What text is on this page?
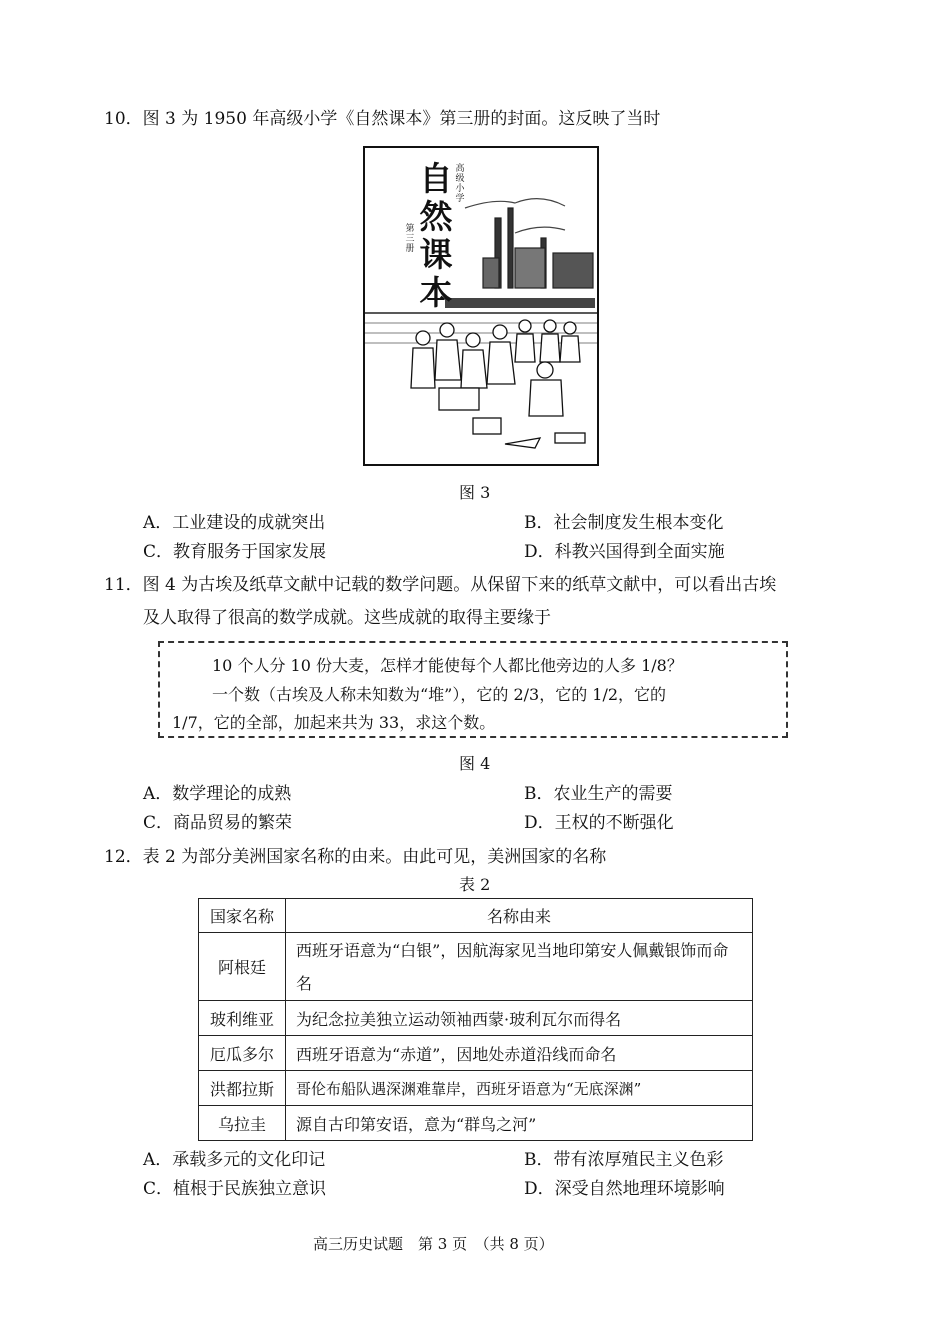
10．图 3 为 1950 年高级小学《自然课本》第三册的封面。这反映了当时
自然课本
高级小学
第三册
图 3
A．工业建设的成就突出	B．社会制度发生根本变化
C．教育服务于国家发展	D．科教兴国得到全面实施
11．图 4 为古埃及纸草文献中记载的数学问题。从保留下来的纸草文献中，可以看出古埃
及人取得了很高的数学成就。这些成就的取得主要缘于
10 个人分 10 份大麦，怎样才能使每个人都比他旁边的人多 1/8？
一个数（古埃及人称未知数为“堆”），它的 2/3，它的 1/2，它的
1/7，它的全部，加起来共为 33，求这个数。
图 4
A．数学理论的成熟	B．农业生产的需要
C．商品贸易的繁荣	D．王权的不断强化
12．表 2 为部分美洲国家名称的由来。由此可见，美洲国家的名称
表 2
国家名称	名称由来
阿根廷	西班牙语意为“白银”，因航海家见当地印第安人佩戴银饰而命名
玻利维亚	为纪念拉美独立运动领袖西蒙·玻利瓦尔而得名
厄瓜多尔	西班牙语意为“赤道”，因地处赤道沿线而命名
洪都拉斯	哥伦布船队遇深渊难靠岸，西班牙语意为“无底深渊”
乌拉圭	源自古印第安语，意为“群鸟之河”
A．承载多元的文化印记	B．带有浓厚殖民主义色彩
C．植根于民族独立意识	D．深受自然地理环境影响
高三历史试题　第 3 页　（共 8 页）
